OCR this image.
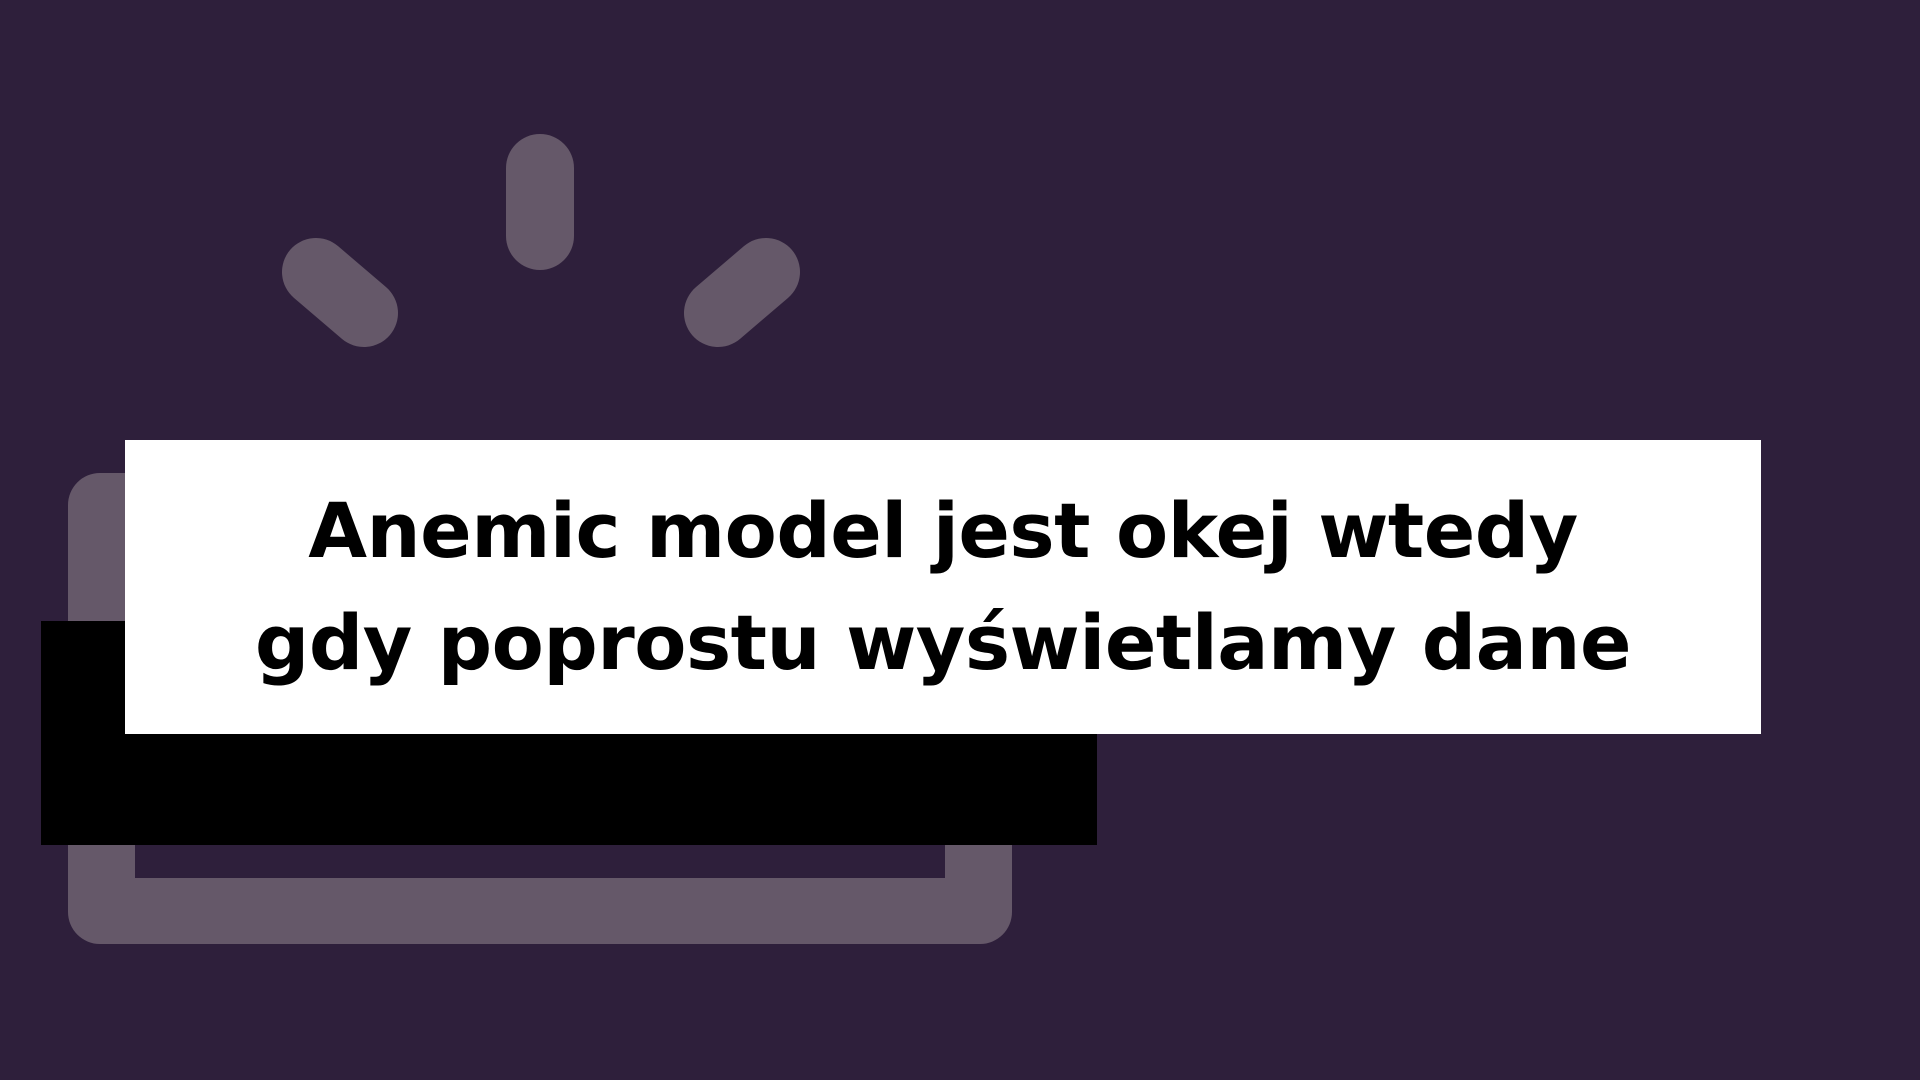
Anemic model jest okej wtedy
gdy poprostu wyświetlamy dane
